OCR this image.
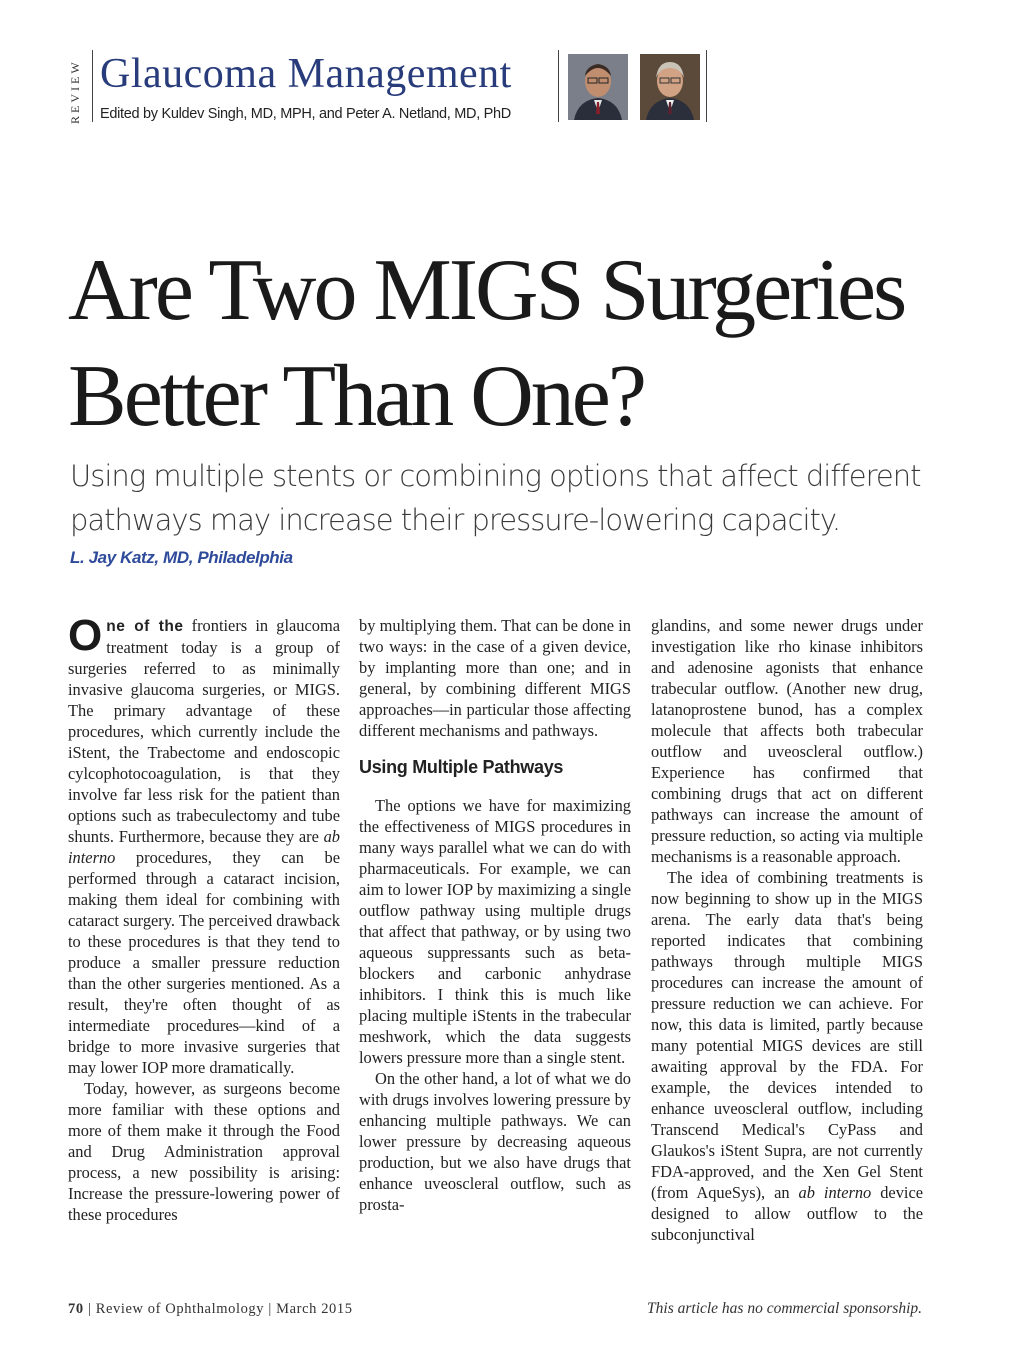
REVIEW Glaucoma Management
Edited by Kuldev Singh, MD, MPH, and Peter A. Netland, MD, PhD
Are Two MIGS Surgeries Better Than One?

Using multiple stents or combining options that affect different pathways may increase their pressure-lowering capacity.

L. Jay Katz, MD, Philadelphia

One of the frontiers in glaucoma treatment today is a group of surgeries referred to as minimally invasive glaucoma surgeries, or MIGS. The primary advantage of these procedures, which currently include the iStent, the Trabectome and endoscopic cylcophotocoagulation, is that they involve far less risk for the patient than options such as trabeculectomy and tube shunts. Furthermore, because they are ab interno procedures, they can be performed through a cataract incision, making them ideal for combining with cataract surgery. The perceived drawback to these procedures is that they tend to produce a smaller pressure reduction than the other surgeries mentioned. As a result, they're often thought of as intermediate procedures—kind of a bridge to more invasive surgeries that may lower IOP more dramatically.

Today, however, as surgeons become more familiar with these options and more of them make it through the Food and Drug Administration approval process, a new possibility is arising: Increase the pressure-lowering power of these procedures

by multiplying them. That can be done in two ways: in the case of a given device, by implanting more than one; and in general, by combining different MIGS approaches—in particular those affecting different mechanisms and pathways.

Using Multiple Pathways

The options we have for maximizing the effectiveness of MIGS procedures in many ways parallel what we can do with pharmaceuticals. For example, we can aim to lower IOP by maximizing a single outflow pathway using multiple drugs that affect that pathway, or by using two aqueous suppressants such as beta-blockers and carbonic anhydrase inhibitors. I think this is much like placing multiple iStents in the trabecular meshwork, which the data suggests lowers pressure more than a single stent.

On the other hand, a lot of what we do with drugs involves lowering pressure by enhancing multiple pathways. We can lower pressure by decreasing aqueous production, but we also have drugs that enhance uveoscleral outflow, such as prosta-

glandins, and some newer drugs under investigation like rho kinase inhibitors and adenosine agonists that enhance trabecular outflow. (Another new drug, latanoprostene bunod, has a complex molecule that affects both trabecular outflow and uveoscleral outflow.) Experience has confirmed that combining drugs that act on different pathways can increase the amount of pressure reduction, so acting via multiple mechanisms is a reasonable approach.

The idea of combining treatments is now beginning to show up in the MIGS arena. The early data that's being reported indicates that combining pathways through multiple MIGS procedures can increase the amount of pressure reduction we can achieve. For now, this data is limited, partly because many potential MIGS devices are still awaiting approval by the FDA. For example, the devices intended to enhance uveoscleral outflow, including Transcend Medical's CyPass and Glaukos's iStent Supra, are not currently FDA-approved, and the Xen Gel Stent (from AqueSys), an ab interno device designed to allow outflow to the subconjunctival

70 | Review of Ophthalmology | March 2015	This article has no commercial sponsorship.
